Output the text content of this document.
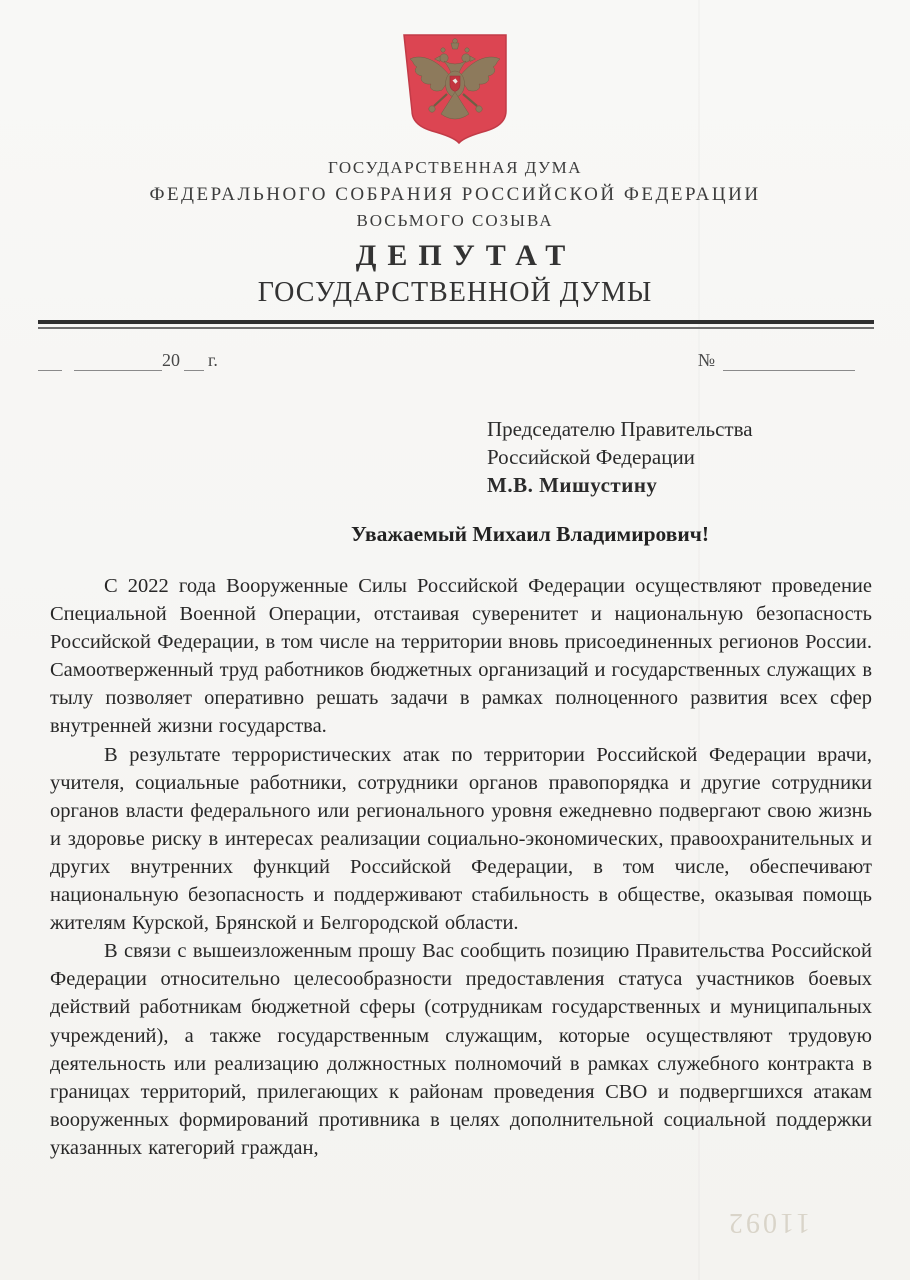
ГОСУДАРСТВЕННАЯ ДУМА
ФЕДЕРАЛЬНОГО СОБРАНИЯ РОССИЙСКОЙ ФЕДЕРАЦИИ
ВОСЬМОГО СОЗЫВА
ДЕПУТАТ
ГОСУДАРСТВЕННОЙ ДУМЫ
20 г.	№
Председателю Правительства
Российской Федерации
М.В. Мишустину
Уважаемый Михаил Владимирович!

С 2022 года Вооруженные Силы Российской Федерации осуществляют проведение Специальной Военной Операции, отстаивая суверенитет и национальную безопасность Российской Федерации, в том числе на территории вновь присоединенных регионов России. Самоотверженный труд работников бюджетных организаций и государственных служащих в тылу позволяет оперативно решать задачи в рамках полноценного развития всех сфер внутренней жизни государства.

В результате террористических атак по территории Российской Федерации врачи, учителя, социальные работники, сотрудники органов правопорядка и другие сотрудники органов власти федерального или регионального уровня ежедневно подвергают свою жизнь и здоровье риску в интересах реализации социально-экономических, правоохранительных и других внутренних функций Российской Федерации, в том числе, обеспечивают национальную безопасность и поддерживают стабильность в обществе, оказывая помощь жителям Курской, Брянской и Белгородской области.

В связи с вышеизложенным прошу Вас сообщить позицию Правительства Российской Федерации относительно целесообразности предоставления статуса участников боевых действий работникам бюджетной сферы (сотрудникам государственных и муниципальных учреждений), а также государственным служащим, которые осуществляют трудовую деятельность или реализацию должностных полномочий в рамках служебного контракта в границах территорий, прилегающих к районам проведения СВО и подвергшихся атакам вооруженных формирований противника в целях дополнительной социальной поддержки указанных категорий граждан,

11092
